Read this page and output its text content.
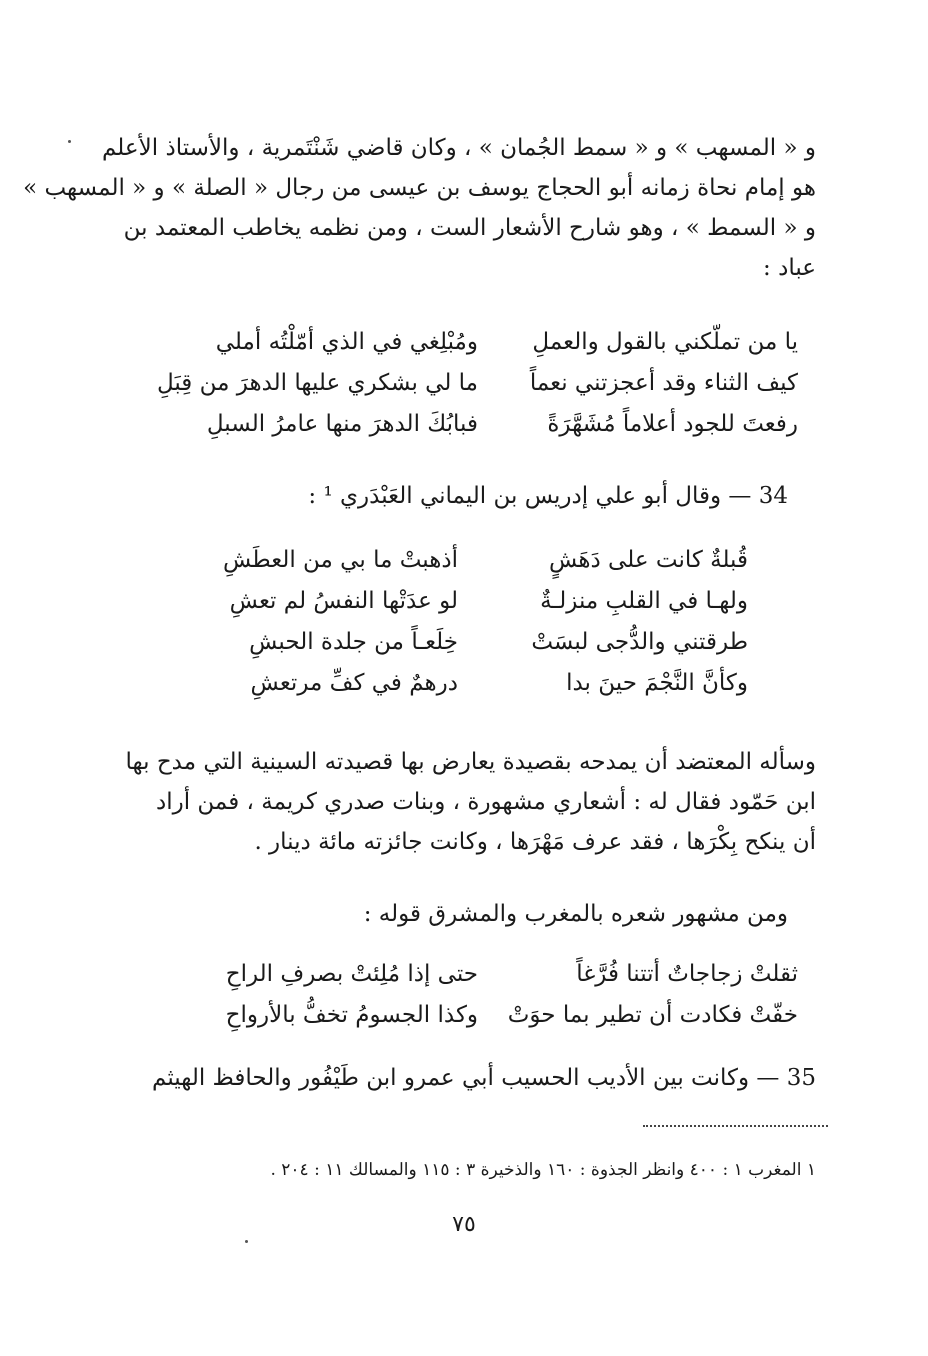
و « المسهب » و « سمط الجُمان » ، وكان قاضي شَنْتَمرية ، والأستاذ الأعلم
هو إمام نحاة زمانه أبو الحجاج يوسف بن عيسى من رجال « الصلة » و « المسهب »
و « السمط » ، وهو شارح الأشعار الست ، ومن نظمه يخاطب المعتمد بن
عباد :
يا من تملّكني بالقول والعملِ
ومُبْلِغي في الذي أمّلْتُه أملي
كيف الثناء وقد أعجزتني نعماً
ما لي بشكري عليها الدهرَ من قِبَلِ
رفعتَ للجود أعلاماً مُشَهَّرَةً
فبابُكَ الدهرَ منها عامرُ السبلِ
34 — وقال أبو علي إدريس بن اليماني العَبْدَري ¹ :
قُبلةٌ كانت على دَهَشٍ
أذهبتْ ما بي من العطَشِ
ولهـا في القلبِ منزلـةٌ
لو عدَتْها النفسُ لم تعشِ
طرقتني والدُّجى لبسَتْ
خِلَعـاً من جلدة الحبشِ
وكأنَّ النَّجْمَ حينَ بدا
درهمٌ في كفِّ مرتعشِ
وسأله المعتضد أن يمدحه بقصيدة يعارض بها قصيدته السينية التي مدح بها
ابن حَمّود فقال له : أشعاري مشهورة ، وبنات صدري كريمة ، فمن أراد
أن ينكح بِكْرَها ، فقد عرف مَهْرَها ، وكانت جائزته مائة دينار .
ومن مشهور شعره بالمغرب والمشرق قوله :
ثقلتْ زجاجاتٌ أتتنا فُرَّغاً
حتى إذا مُلِئتْ بصرفِ الراحِ
خفّتْ فكادت أن تطير بما حوَتْ
وكذا الجسومُ تخفُّ بالأرواحِ
35 — وكانت بين الأديب الحسيب أبي عمرو ابن طَيْفُور والحافظ الهيثم
١ المغرب ١ : ٤٠٠ وانظر الجذوة : ١٦٠ والذخيرة ٣ : ١١٥ والمسالك ١١ : ٢٠٤ .
٧٥
